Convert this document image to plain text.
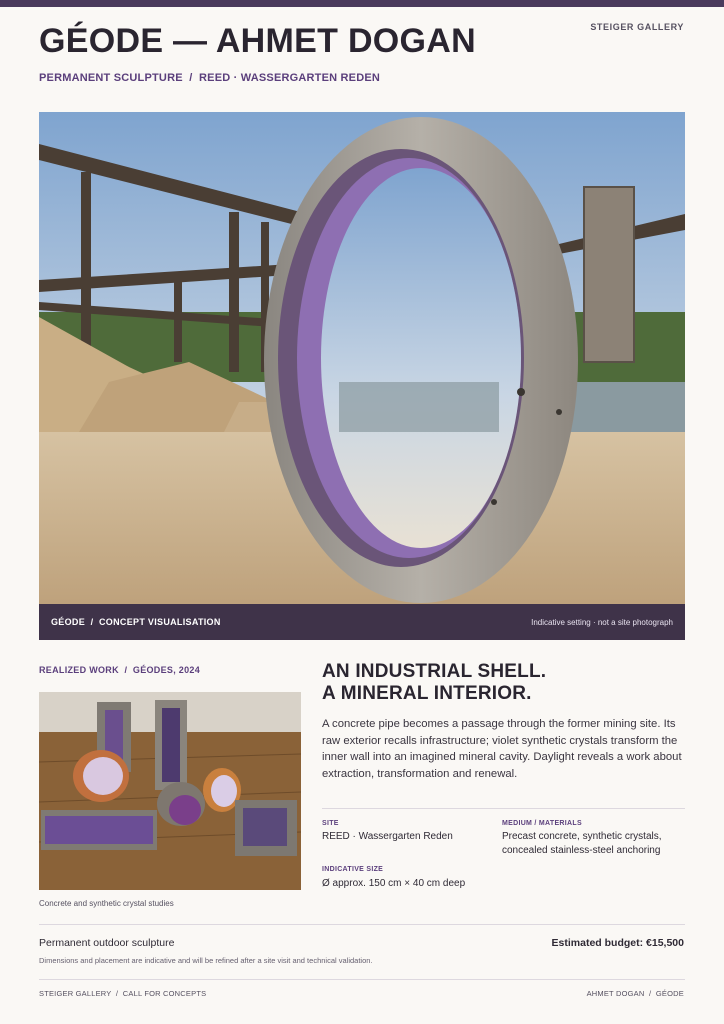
STEIGER GALLERY
GÉODE — AHMET DOGAN
PERMANENT SCULPTURE  /  REED · WASSERGARTEN REDEN
GÉODE  /  CONCEPT VISUALISATION	Indicative setting · not a site photograph
REALIZED WORK  /  GÉODES, 2024
Concrete and synthetic crystal studies
AN INDUSTRIAL SHELL.
A MINERAL INTERIOR.

A concrete pipe becomes a passage through the former mining site. Its raw exterior recalls infrastructure; violet synthetic crystals transform the inner wall into an imagined mineral cavity. Daylight reveals a work about extraction, transformation and renewal.

SITE
REED · Wassergarten Reden
MEDIUM / MATERIALS
Precast concrete, synthetic crystals,
concealed stainless-steel anchoring
INDICATIVE SIZE
Ø approx. 150 cm × 40 cm deep
Permanent outdoor sculpture	Estimated budget: €15,500
Dimensions and placement are indicative and will be refined after a site visit and technical validation.
STEIGER GALLERY  /  CALL FOR CONCEPTS	AHMET DOGAN  /  GÉODE
